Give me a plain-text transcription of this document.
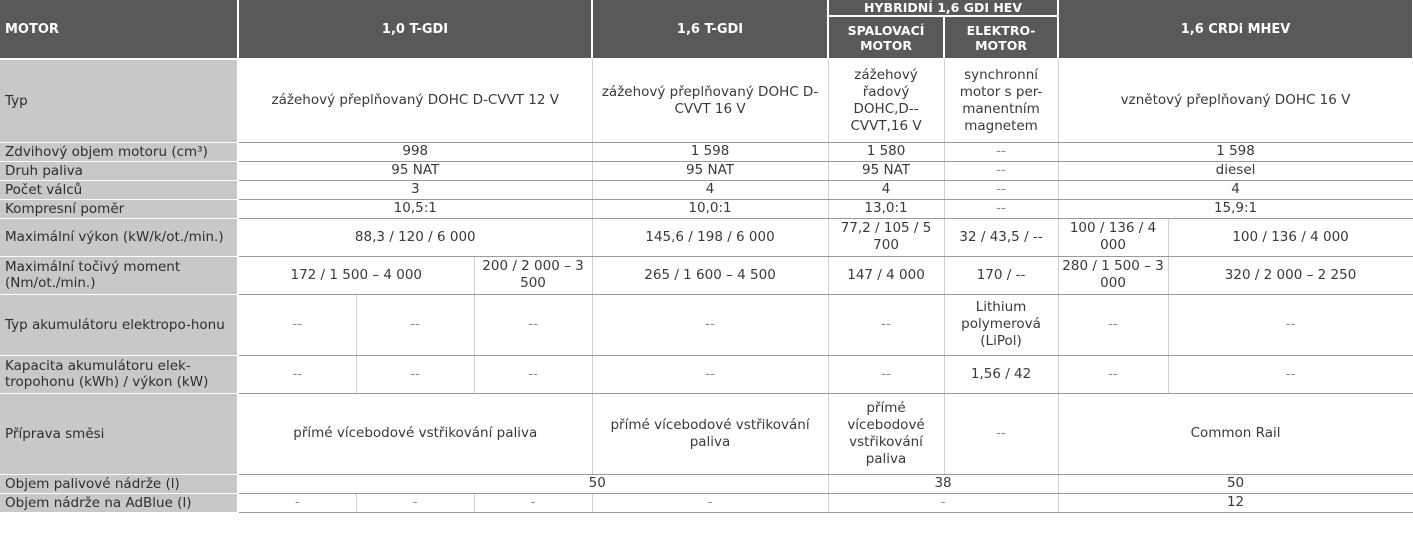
MOTOR	1,0 T-GDI			1,6 T-GDI	HYBRIDNÍ 1,6 GDI HEV		1,6 CRDi MHEV	
					SPALOVACÍ MOTOR	ELEKTRO-MOTOR		
Typ	zážehový přeplňovaný DOHC D-CVVT 12 V			zážehový přeplňovaný DOHC D-CVVT 16 V	zážehový řadový DOHC,D--CVVT,16 V	synchronní motor s per-manentním magnetem	vznětový přeplňovaný DOHC 16 V	
Zdvihový objem motoru (cm³)	998			1 598	1 580	--	1 598	
Druh paliva	95 NAT			95 NAT	95 NAT	--	diesel	
Počet válců	3			4	4	--	4	
Kompresní poměr	10,5:1			10,0:1	13,0:1	--	15,9:1	
Maximální výkon (kW/k/ot./min.)	88,3 / 120 / 6 000			145,6 / 198 / 6 000	77,2 / 105 / 5 700	32 / 43,5 / --	100 / 136 / 4 000	100 / 136 / 4 000
Maximální točivý moment (Nm/ot./min.)	172 / 1 500 – 4 000		200 / 2 000 – 3 500	265 / 1 600 – 4 500	147 / 4 000	170 / --	280 / 1 500 – 3 000	320 / 2 000 – 2 250
Typ akumulátoru elektropo-honu	--	--	--	--	--	Lithium polymerová (LiPol)	--	--
Kapacita akumulátoru elek-tropohonu (kWh) / výkon (kW)	--	--	--	--	--	1,56 / 42	--	--
Příprava směsi	přímé vícebodové vstřikování paliva			přímé vícebodové vstřikování paliva	přímé vícebodové vstřikování paliva	--	Common Rail	
Objem palivové nádrže (l)	50				38		50	
Objem nádrže na AdBlue (l)	-	-	-	-	-		12	
